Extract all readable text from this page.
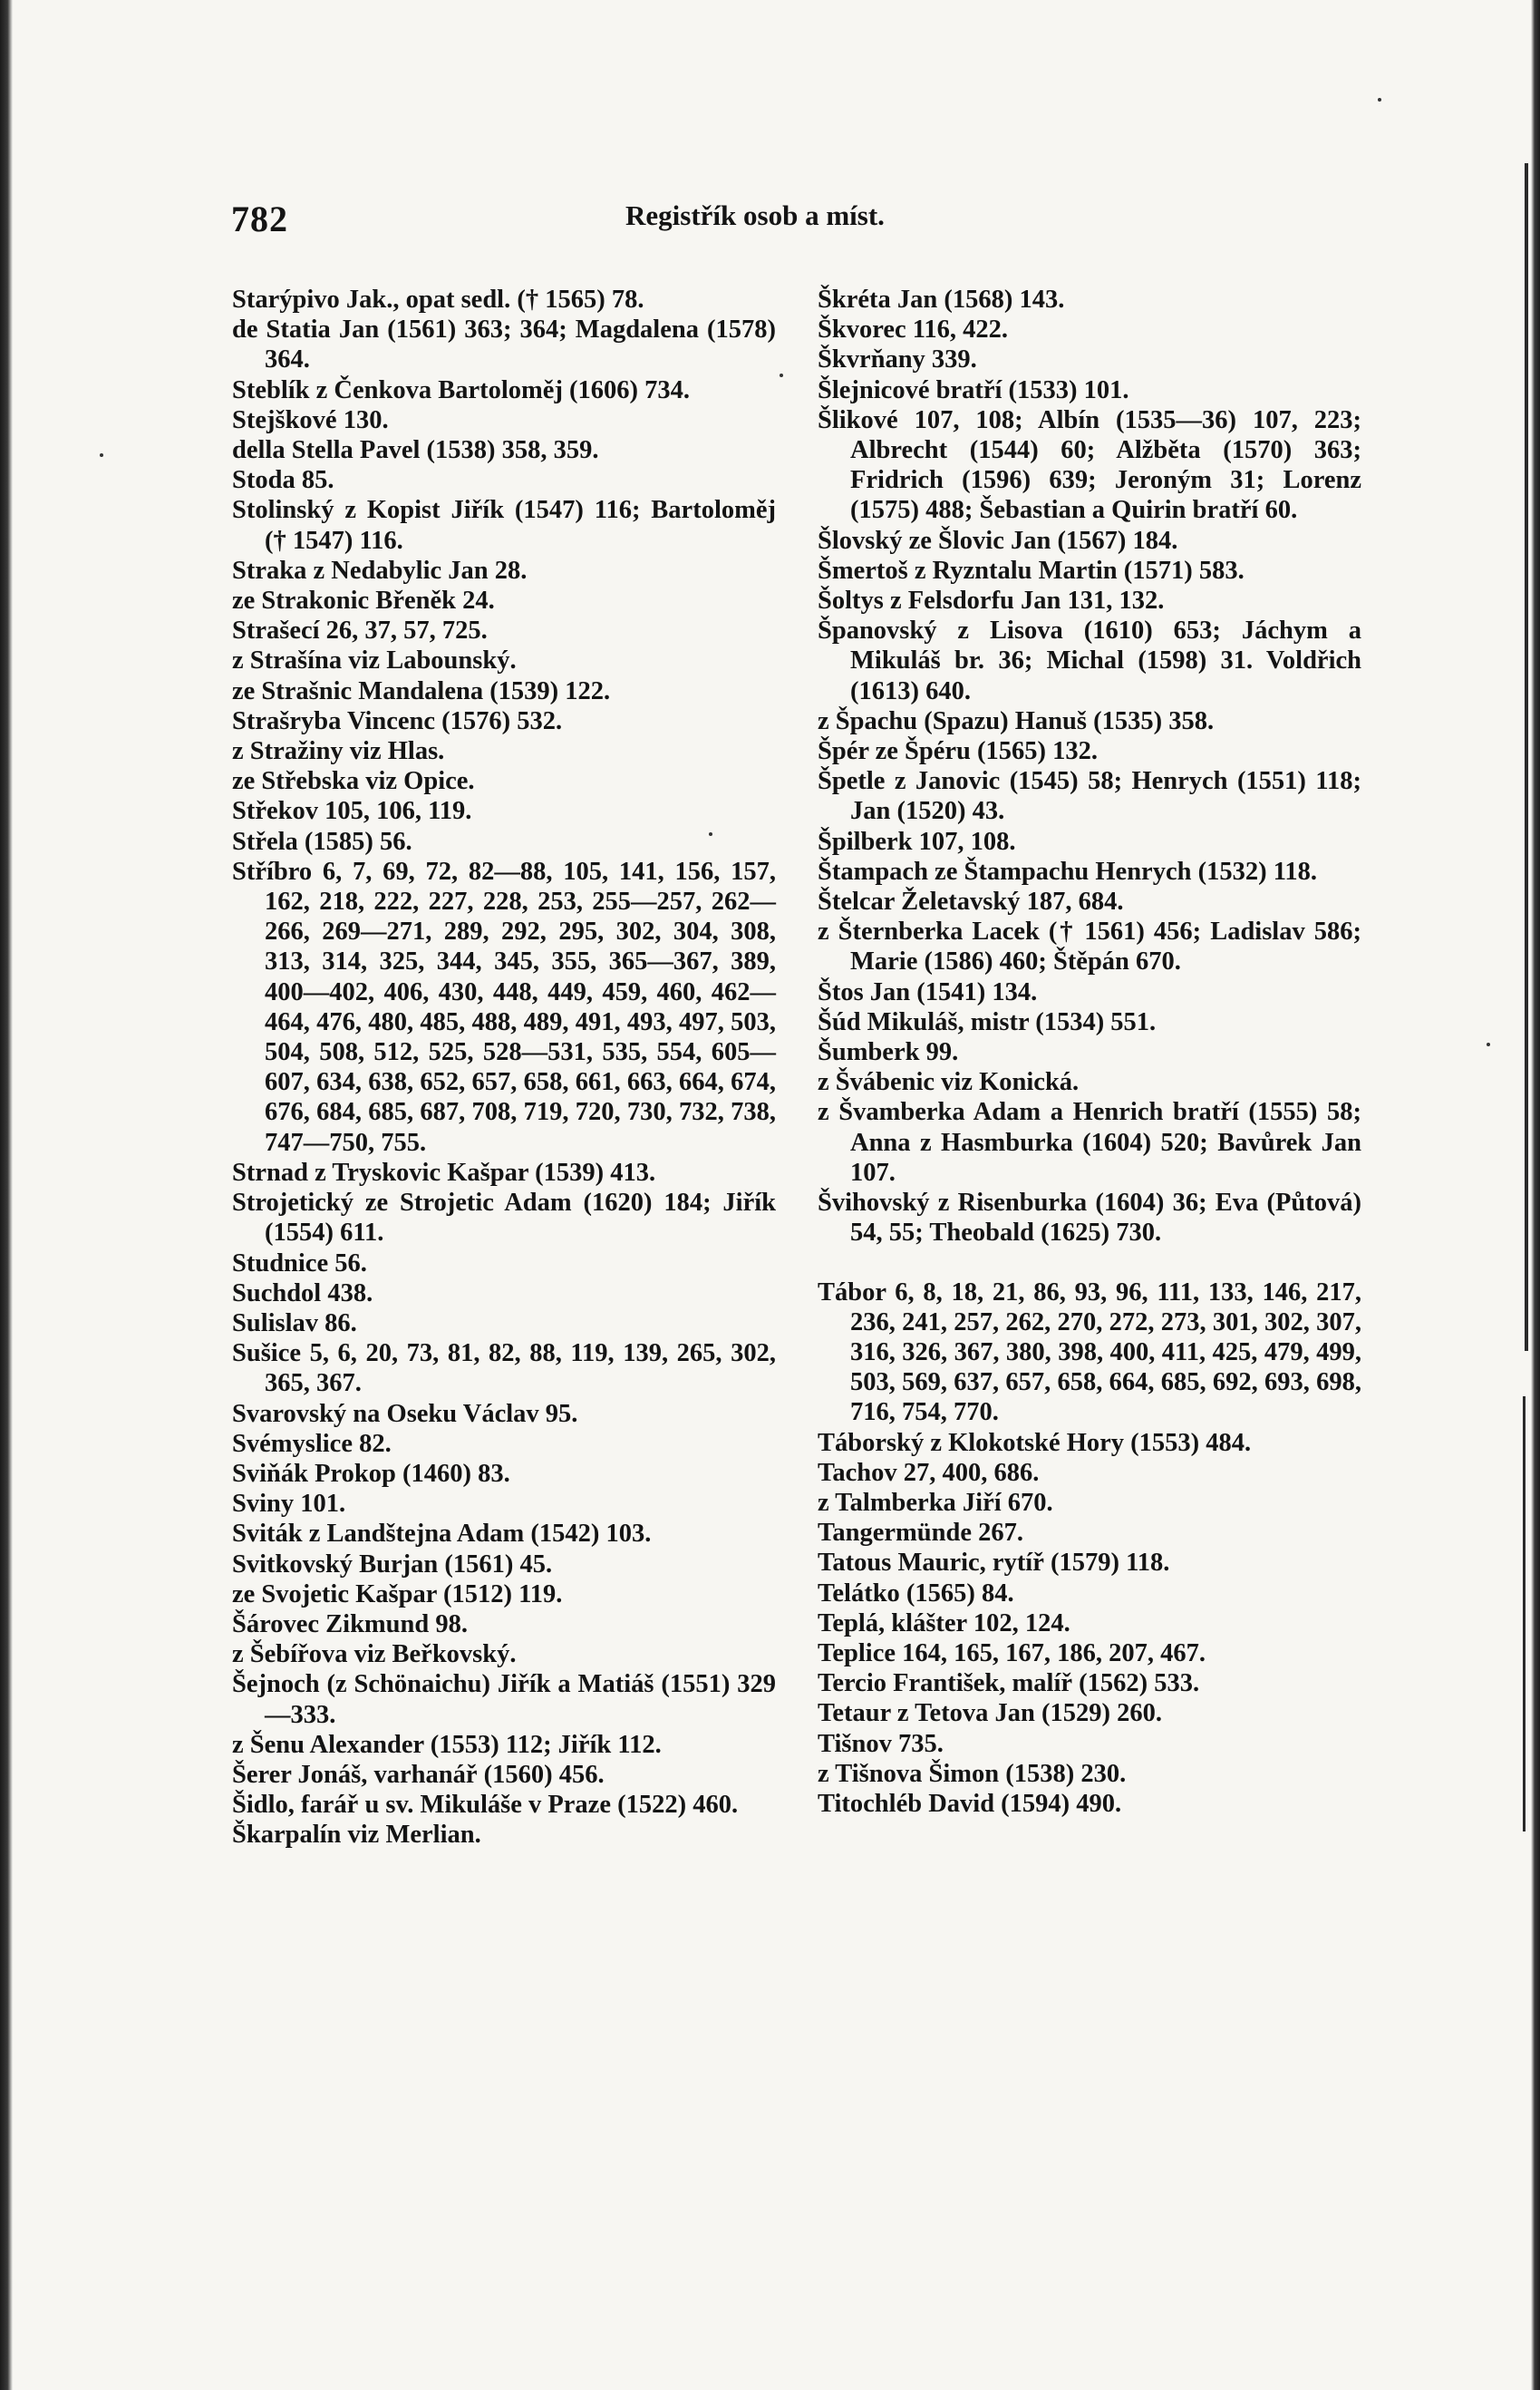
782	Registřík osob a míst.
Starýpivo Jak., opat sedl. († 1565) 78.
de Statia Jan (1561) 363; 364; Magdalena (1578) 364.
Steblík z Čenkova Bartoloměj (1606) 734.
Stejškové 130.
della Stella Pavel (1538) 358, 359.
Stoda 85.
Stolinský z Kopist Jiřík (1547) 116; Bartoloměj († 1547) 116.
Straka z Nedabylic Jan 28.
ze Strakonic Břeněk 24.
Strašecí 26, 37, 57, 725.
z Strašína viz Labounský.
ze Strašnic Mandalena (1539) 122.
Strašryba Vincenc (1576) 532.
z Stražiny viz Hlas.
ze Střebska viz Opice.
Střekov 105, 106, 119.
Střela (1585) 56.
Stříbro 6, 7, 69, 72, 82—88, 105, 141, 156, 157, 162, 218, 222, 227, 228, 253, 255—257, 262—266, 269—271, 289, 292, 295, 302, 304, 308, 313, 314, 325, 344, 345, 355, 365—367, 389, 400—402, 406, 430, 448, 449, 459, 460, 462—464, 476, 480, 485, 488, 489, 491, 493, 497, 503, 504, 508, 512, 525, 528—531, 535, 554, 605—607, 634, 638, 652, 657, 658, 661, 663, 664, 674, 676, 684, 685, 687, 708, 719, 720, 730, 732, 738, 747—750, 755.
Strnad z Tryskovic Kašpar (1539) 413.
Strojetický ze Strojetic Adam (1620) 184; Jiřík (1554) 611.
Studnice 56.
Suchdol 438.
Sulislav 86.
Sušice 5, 6, 20, 73, 81, 82, 88, 119, 139, 265, 302, 365, 367.
Svarovský na Oseku Václav 95.
Svémyslice 82.
Sviňák Prokop (1460) 83.
Sviny 101.
Sviták z Landštejna Adam (1542) 103.
Svitkovský Burjan (1561) 45.
ze Svojetic Kašpar (1512) 119.
Šárovec Zikmund 98.
z Šebířova viz Beřkovský.
Šejnoch (z Schönaichu) Jiřík a Matiáš (1551) 329—333.
z Šenu Alexander (1553) 112; Jiřík 112.
Šerer Jonáš, varhanář (1560) 456.
Šidlo, farář u sv. Mikuláše v Praze (1522) 460.
Škarpalín viz Merlian.
Škréta Jan (1568) 143.
Škvorec 116, 422.
Škvrňany 339.
Šlejnicové bratří (1533) 101.
Šlikové 107, 108; Albín (1535—36) 107, 223; Albrecht (1544) 60; Alžběta (1570) 363; Fridrich (1596) 639; Jeroným 31; Lorenz (1575) 488; Šebastian a Quirin bratří 60.
Šlovský ze Šlovic Jan (1567) 184.
Šmertoš z Ryzntalu Martin (1571) 583.
Šoltys z Felsdorfu Jan 131, 132.
Španovský z Lisova (1610) 653; Jáchym a Mikuláš br. 36; Michal (1598) 31. Voldřich (1613) 640.
z Špachu (Spazu) Hanuš (1535) 358.
Špér ze Špéru (1565) 132.
Špetle z Janovic (1545) 58; Henrych (1551) 118; Jan (1520) 43.
Špilberk 107, 108.
Štampach ze Štampachu Henrych (1532) 118.
Štelcar Želetavský 187, 684.
z Šternberka Lacek († 1561) 456; Ladislav 586; Marie (1586) 460; Štěpán 670.
Štos Jan (1541) 134.
Šúd Mikuláš, mistr (1534) 551.
Šumberk 99.
z Švábenic viz Konická.
z Švamberka Adam a Henrich bratří (1555) 58; Anna z Hasmburka (1604) 520; Bavůrek Jan 107.
Švihovský z Risenburka (1604) 36; Eva (Půtová) 54, 55; Theobald (1625) 730.
Tábor 6, 8, 18, 21, 86, 93, 96, 111, 133, 146, 217, 236, 241, 257, 262, 270, 272, 273, 301, 302, 307, 316, 326, 367, 380, 398, 400, 411, 425, 479, 499, 503, 569, 637, 657, 658, 664, 685, 692, 693, 698, 716, 754, 770.
Táborský z Klokotské Hory (1553) 484.
Tachov 27, 400, 686.
z Talmberka Jiří 670.
Tangermünde 267.
Tatous Mauric, rytíř (1579) 118.
Telátko (1565) 84.
Teplá, klášter 102, 124.
Teplice 164, 165, 167, 186, 207, 467.
Tercio František, malíř (1562) 533.
Tetaur z Tetova Jan (1529) 260.
Tišnov 735.
z Tišnova Šimon (1538) 230.
Titochléb David (1594) 490.
